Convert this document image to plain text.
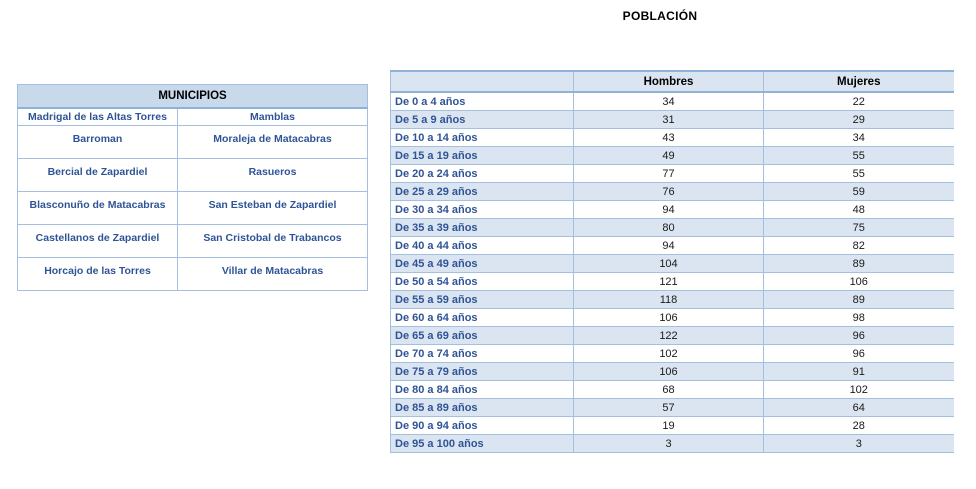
POBLACIÓN
MUNICIPIOS	
Madrigal de las Altas Torres	Mamblas
Barroman	Moraleja de Matacabras
Bercial de Zapardiel	Rasueros
Blasconuño de Matacabras	San Esteban de Zapardiel
Castellanos de Zapardiel	San Cristobal de Trabancos
Horcajo de las Torres	Villar de Matacabras
	Hombres	Mujeres
De 0 a 4 años	34	22
De 5 a 9 años	31	29
De 10 a 14 años	43	34
De 15 a 19 años	49	55
De 20 a 24 años	77	55
De 25 a 29 años	76	59
De 30 a 34 años	94	48
De 35 a 39 años	80	75
De 40 a 44 años	94	82
De 45 a 49 años	104	89
De 50 a 54 años	121	106
De 55 a 59 años	118	89
De 60 a 64 años	106	98
De 65 a 69 años	122	96
De 70 a 74 años	102	96
De 75 a 79 años	106	91
De 80 a 84 años	68	102
De 85 a 89 años	57	64
De 90 a 94 años	19	28
De 95 a 100 años	3	3
